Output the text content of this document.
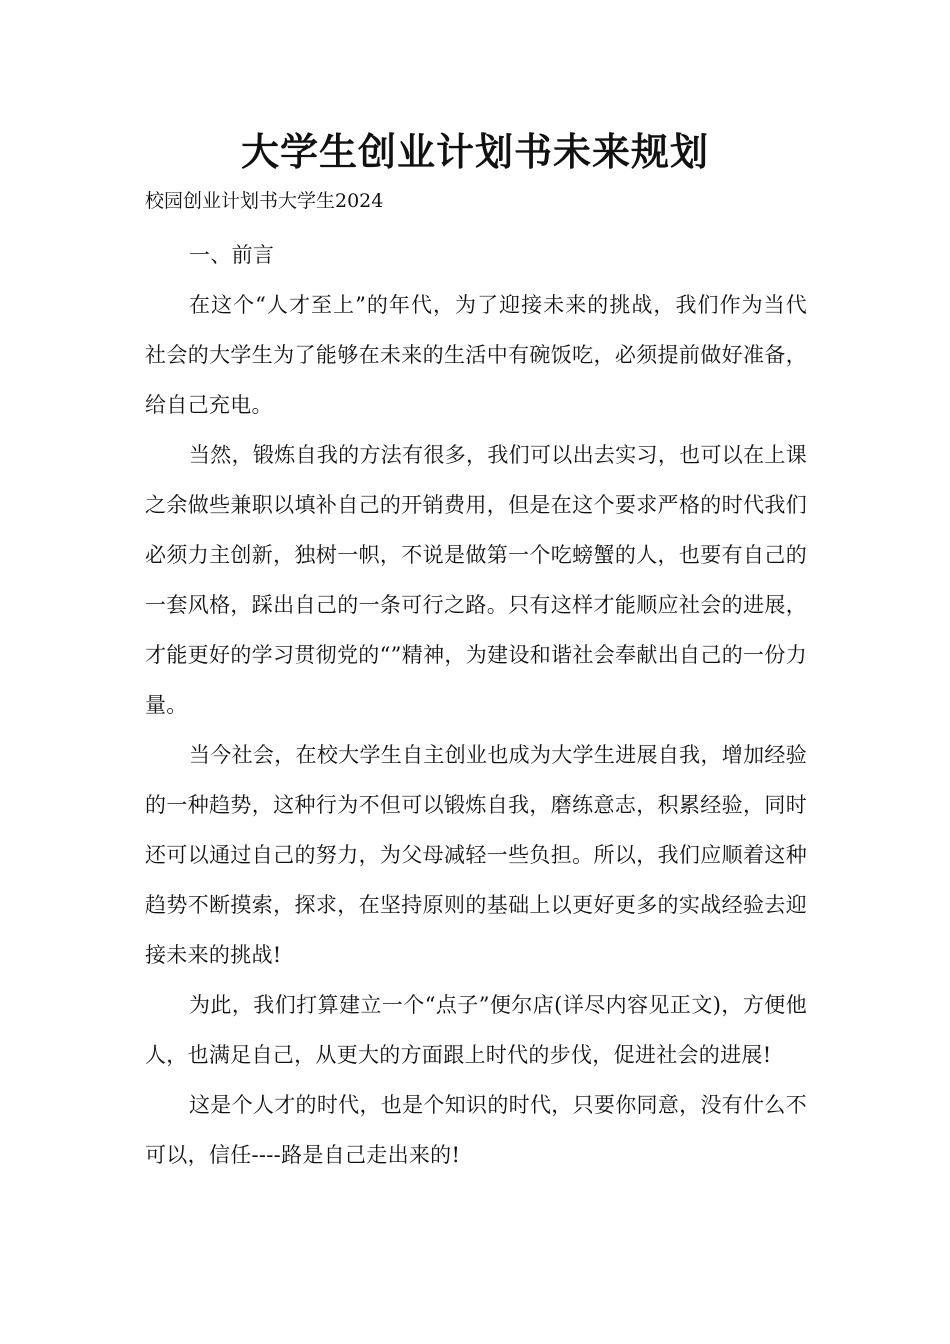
大学生创业计划书未来规划

校园创业计划书大学生2024

一、前言

在这个“人才至上”的年代，为了迎接未来的挑战，我们作为当代社会的大学生为了能够在未来的生活中有碗饭吃，必须提前做好准备，给自己充电。

当然，锻炼自我的方法有很多，我们可以出去实习，也可以在上课之余做些兼职以填补自己的开销费用，但是在这个要求严格的时代我们必须力主创新，独树一帜，不说是做第一个吃螃蟹的人，也要有自己的一套风格，踩出自己的一条可行之路。只有这样才能顺应社会的进展，才能更好的学习贯彻党的“”精神，为建设和谐社会奉献出自己的一份力量。

当今社会，在校大学生自主创业也成为大学生进展自我，增加经验的一种趋势，这种行为不但可以锻炼自我，磨练意志，积累经验，同时还可以通过自己的努力，为父母减轻一些负担。所以，我们应顺着这种趋势不断摸索，探求，在坚持原则的基础上以更好更多的实战经验去迎接未来的挑战!

为此，我们打算建立一个“点子”便尔店(详尽内容见正文)，方便他人，也满足自己，从更大的方面跟上时代的步伐，促进社会的进展!

这是个人才的时代，也是个知识的时代，只要你同意，没有什么不可以，信任----路是自己走出来的!
